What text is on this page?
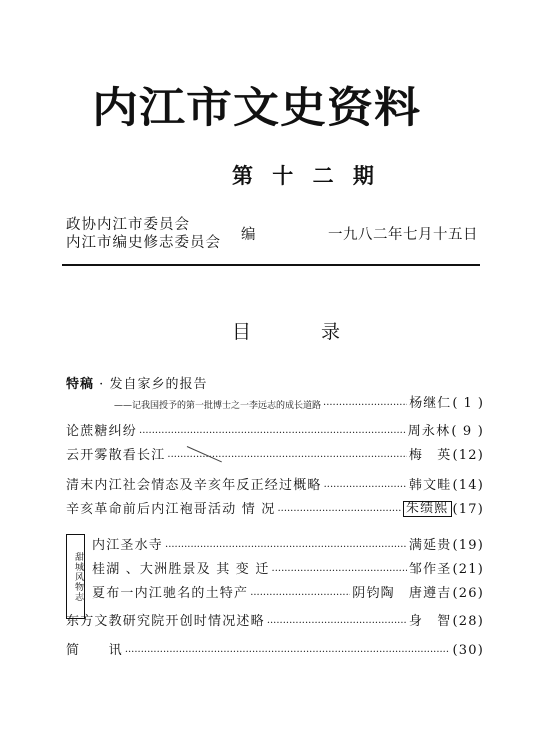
内江市文史资料
第 十 二 期
政协内江市委员会
内江市编史修志委员会 编	一九八二年七月十五日
目	录
特稿 · 发自家乡的报告
——记我国授予的第一批博士之一李远志的成长道路 ·····	杨继仁 ( 1 )
论蔗糖纠纷 ·····	周永林 ( 9 )
云开雾散看长江 ·····	梅　英 (12)
清末内江社会情态及辛亥年反正经过概略 ·····	韩文畦 (14)
辛亥革命前后内江袍哥活动 情 况 ·····	朱绩熙 (17)
甜城风物志
内江圣水寺 ·····	满延贵 (19)
桂湖 、大洲胜景及 其 变 迁 ·····	邹作圣 (21)
夏布一内江驰名的土特产 ·····	阴钧陶 唐遵吉 (26)
东方文教研究院开创时情况述略 ·····	身　智 (28)
简　　讯 ·····	(30)
